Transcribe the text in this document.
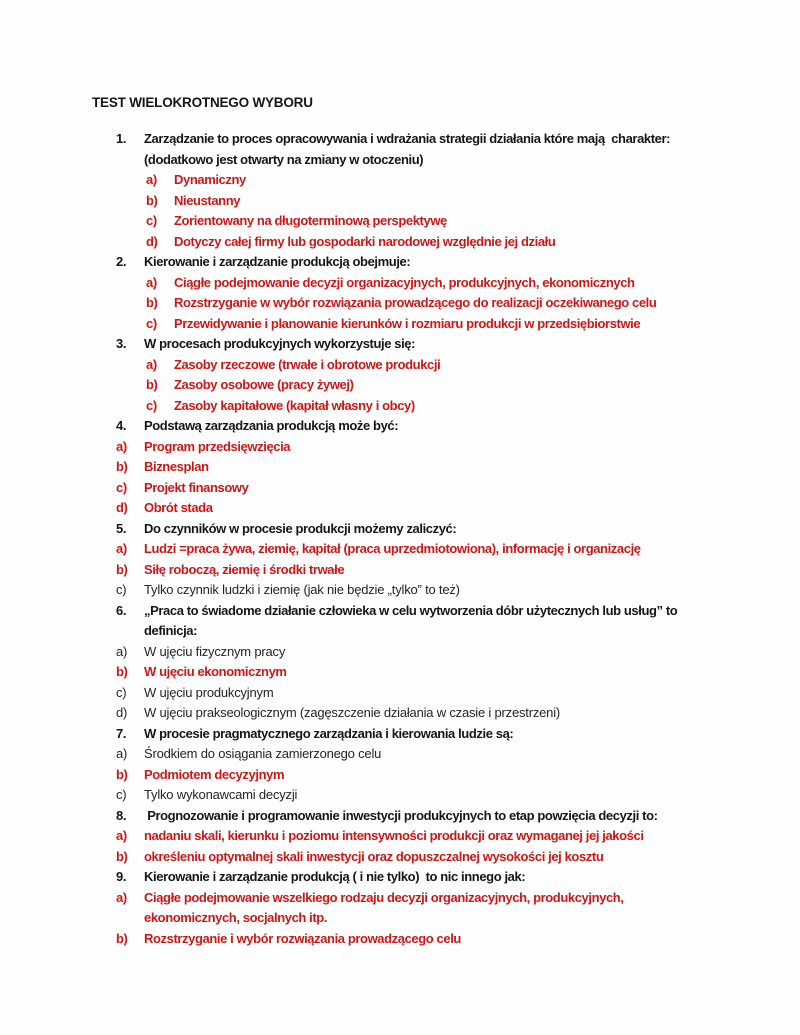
TEST WIELOKROTNEGO WYBORU
1.	Zarządzanie to proces opracowywania i wdrażania strategii działania które mają  charakter:
(dodatkowo jest otwarty na zmiany w otoczeniu)
a)	Dynamiczny
b)	Nieustanny
c)	Zorientowany na długoterminową perspektywę
d)	Dotyczy całej firmy lub gospodarki narodowej względnie jej działu
2.	Kierowanie i zarządzanie produkcją obejmuje:
a)	Ciągłe podejmowanie decyzji organizacyjnych, produkcyjnych, ekonomicznych
b)	Rozstrzyganie w wybór rozwiązania prowadzącego do realizacji oczekiwanego celu
c)	Przewidywanie i planowanie kierunków i rozmiaru produkcji w przedsiębiorstwie
3.	W procesach produkcyjnych wykorzystuje się:
a)	Zasoby rzeczowe (trwałe i obrotowe produkcji
b)	Zasoby osobowe (pracy żywej)
c)	Zasoby kapitałowe (kapitał własny i obcy)
4.	Podstawą zarządzania produkcją może być:
a)	Program przedsięwzięcia
b)	Biznesplan
c)	Projekt finansowy
d)	Obrót stada
5.	Do czynników w procesie produkcji możemy zaliczyć:
a)	Ludzi =praca żywa, ziemię, kapitał (praca uprzedmiotowiona), informację i organizację
b)	Siłę roboczą, ziemię i środki trwałe
c)	Tylko czynnik ludzki i ziemię (jak nie będzie „tylko” to też)
6.	„Praca to świadome działanie człowieka w celu wytworzenia dóbr użytecznych lub usług” to
definicja:
a)	W ujęciu fizycznym pracy
b)	W ujęciu ekonomicznym
c)	W ujęciu produkcyjnym
d)	W ujęciu prakseologicznym (zagęszczenie działania w czasie i przestrzeni)
7.	W procesie pragmatycznego zarządzania i kierowania ludzie są:
a)	Środkiem do osiągania zamierzonego celu
b)	Podmiotem decyzyjnym
c)	Tylko wykonawcami decyzji
8.	Prognozowanie i programowanie inwestycji produkcyjnych to etap powzięcia decyzji to:
a)	nadaniu skali, kierunku i poziomu intensywności produkcji oraz wymaganej jej jakości
b)	określeniu optymalnej skali inwestycji oraz dopuszczalnej wysokości jej kosztu
9.	Kierowanie i zarządzanie produkcją ( i nie tylko)  to nic innego jak:
a)	Ciągłe podejmowanie wszelkiego rodzaju decyzji organizacyjnych, produkcyjnych,
ekonomicznych, socjalnych itp.
b)	Rozstrzyganie i wybór rozwiązania prowadzącego celu
